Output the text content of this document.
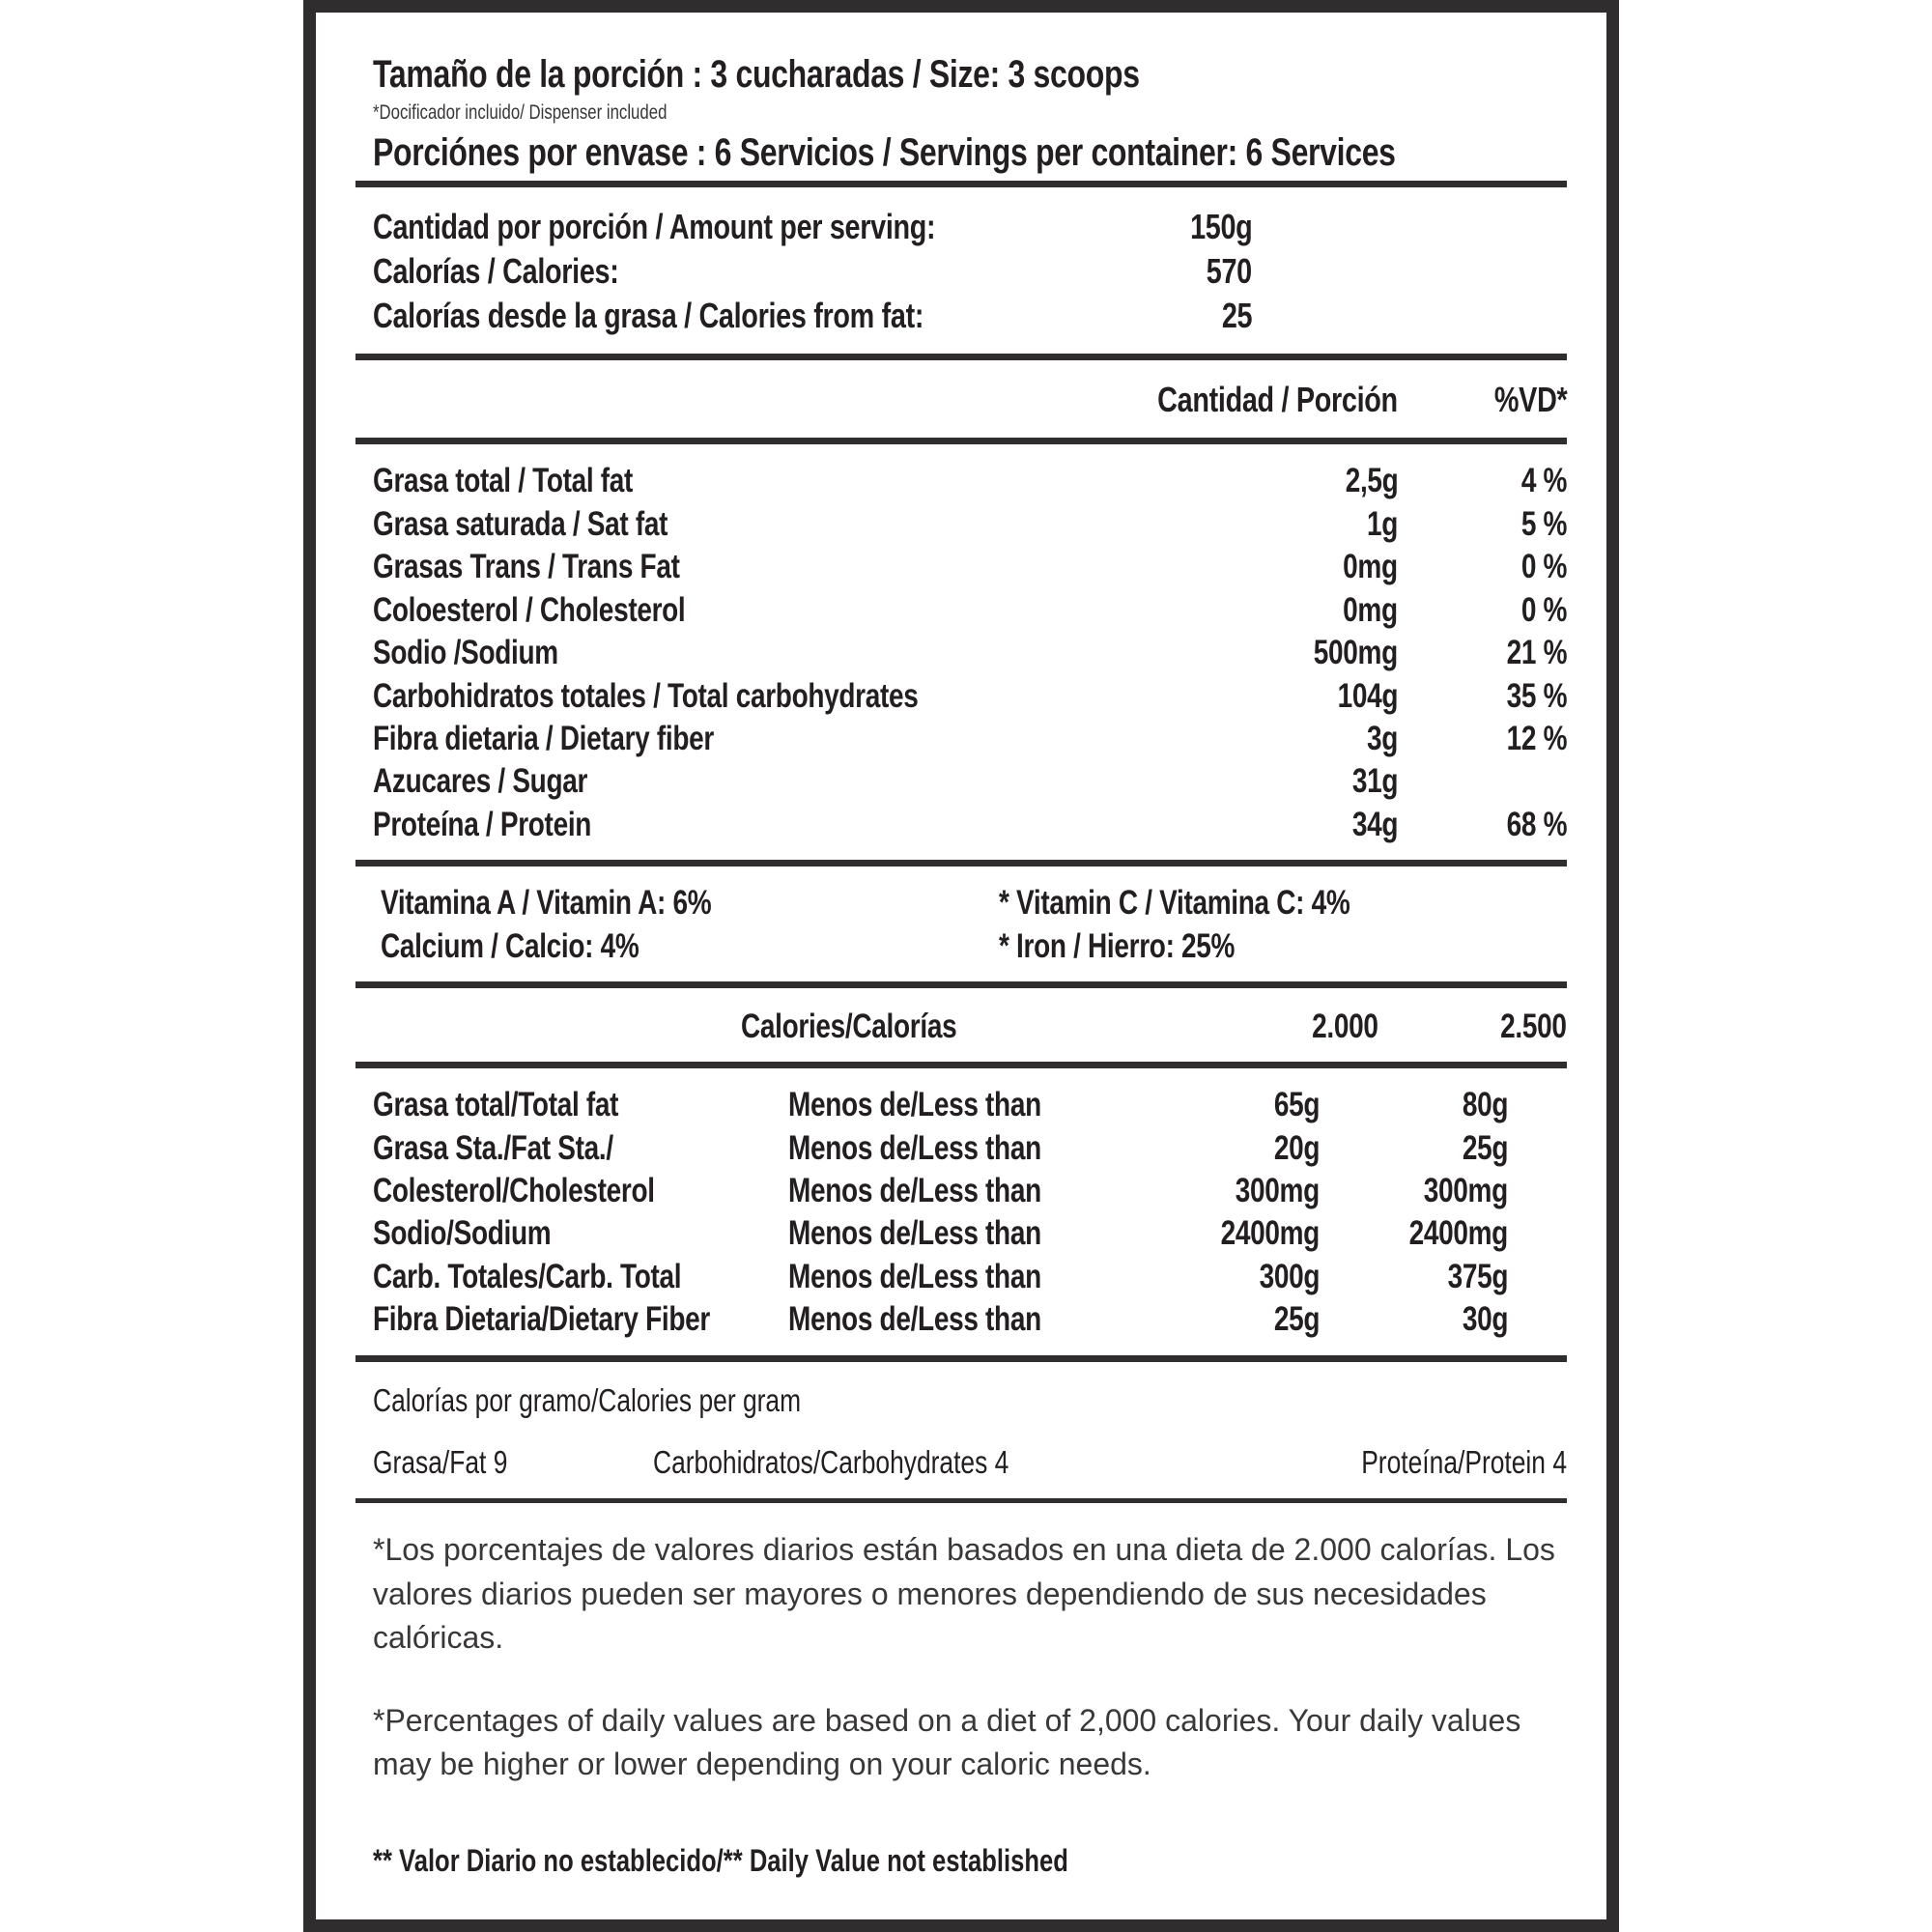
Tamaño de la porción : 3 cucharadas / Size: 3 scoops
*Docificador incluido/ Dispenser included
Porciónes por envase : 6 Servicios / Servings per container: 6 Services
Cantidad por porción / Amount per serving:	150g
Calorías / Calories:	570
Calorías desde la grasa / Calories from fat:	25
Cantidad / Porción	%VD*
Grasa total / Total fat	2,5g	4 %
Grasa saturada / Sat fat	1g	5 %
Grasas Trans / Trans Fat	0mg	0 %
Coloesterol / Cholesterol	0mg	0 %
Sodio /Sodium	500mg	21 %
Carbohidratos totales / Total carbohydrates	104g	35 %
Fibra dietaria / Dietary fiber	3g	12 %
Azucares / Sugar	31g
Proteína / Protein	34g	68 %
Vitamina A / Vitamin A: 6%	* Vitamin C / Vitamina C: 4%
Calcium / Calcio: 4%	* Iron / Hierro: 25%
Calories/Calorías	2.000	2.500
Grasa total/Total fat	Menos de/Less than	65g	80g
Grasa Sta./Fat Sta./	Menos de/Less than	20g	25g
Colesterol/Cholesterol	Menos de/Less than	300mg	300mg
Sodio/Sodium	Menos de/Less than	2400mg	2400mg
Carb. Totales/Carb. Total	Menos de/Less than	300g	375g
Fibra Dietaria/Dietary Fiber	Menos de/Less than	25g	30g
Calorías por gramo/Calories per gram
Grasa/Fat 9	Carbohidratos/Carbohydrates 4	Proteína/Protein 4
*Los porcentajes de valores diarios están basados en una dieta de 2.000 calorías. Los valores diarios pueden ser mayores o menores dependiendo de sus necesidades calóricas.
*Percentages of daily values are based on a diet of 2,000 calories. Your daily values may be higher or lower depending on your caloric needs.
** Valor Diario no establecido/** Daily Value not established
